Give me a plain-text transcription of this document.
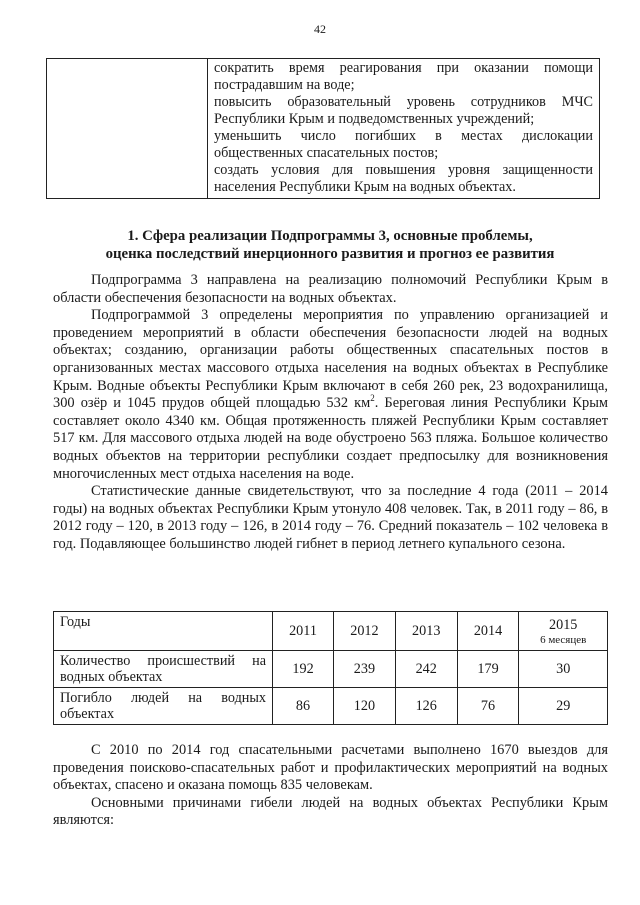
42

сократить время реагирования при оказании помощи пострадавшим на воде;

повысить образовательный уровень сотрудников МЧС Республики Крым и подведомственных учреждений;

уменьшить число погибших в местах дислокации общественных спасательных постов;

создать условия для повышения уровня защищенности населения Республики Крым на водных объектах.

1. Сфера реализации Подпрограммы 3, основные проблемы,
оценка последствий инерционного развития и прогноз ее развития

Подпрограмма 3 направлена на реализацию полномочий Республики Крым в области обеспечения безопасности на водных объектах.

Подпрограммой 3 определены мероприятия по управлению организацией и проведением мероприятий в области обеспечения безопасности людей на водных объектах; созданию, организации работы общественных спасательных постов в организованных местах массового отдыха населения на водных объектах в Республике Крым. Водные объекты Республики Крым включают в себя 260 рек, 23 водохранилища, 300 озёр и 1045 прудов общей площадью 532 $км^2$. Береговая линия Республики Крым составляет около 4340 км. Общая протяженность пляжей Республики Крым составляет 517 км. Для массового отдыха людей на воде обустроено 563 пляжа. Большое количество водных объектов на территории республики создает предпосылку для возникновения многочисленных мест отдыха населения на воде.

Статистические данные свидетельствуют, что за последние 4 года (2011 – 2014 годы) на водных объектах Республики Крым утонуло 408 человек. Так, в 2011 году – 86, в 2012 году – 120, в 2013 году – 126, в 2014 году – 76. Средний показатель – 102 человека в год. Подавляющее большинство людей гибнет в период летнего купального сезона.

Годы	2011	2012	2013	2014	2015
6 месяцев

Количество происшествий на водных объектах	192	239	242	179	30
Погибло людей на водных объектах	86	120	126	76	29

С 2010 по 2014 год спасательными расчетами выполнено 1670 выездов для проведения поисково-спасательных работ и профилактических мероприятий на водных объектах, спасено и оказана помощь 835 человекам.

Основными причинами гибели людей на водных объектах Республики Крым являются:
